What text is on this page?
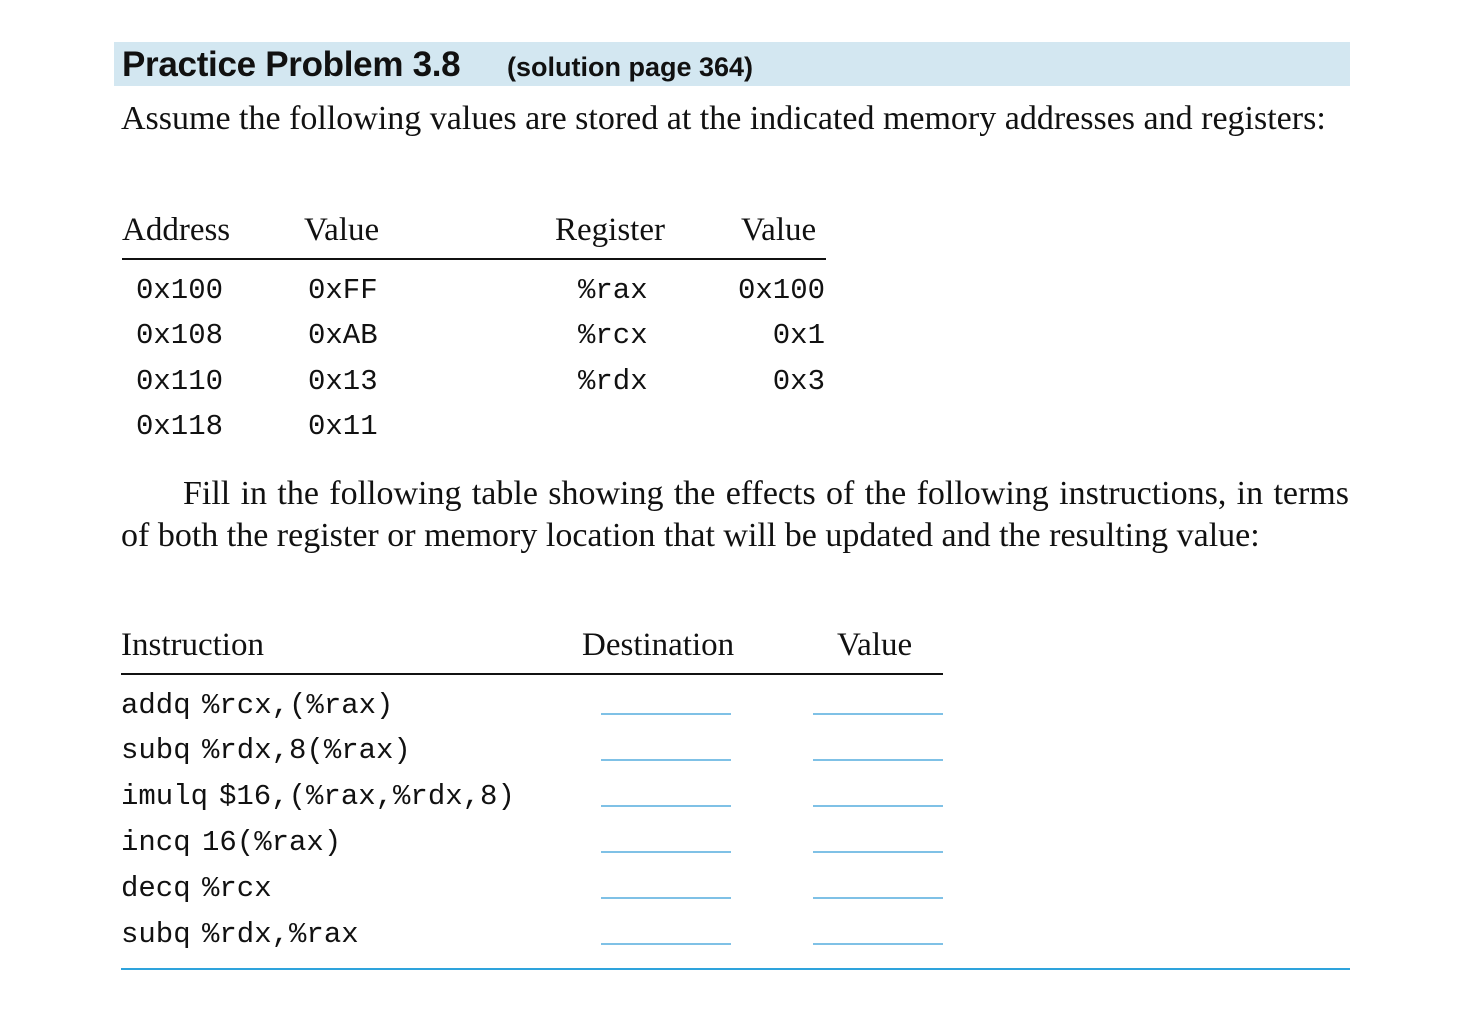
Practice Problem 3.8 (solution page 364)
Assume the following values are stored at the indicated memory addresses and registers:
Address Value	Register Value
0x100	0xFF
0x108	0xAB
0x110	0x13
0x118	0x11
%rax	0x100
%rcx	0x1
%rdx	0x3
Fill in the following table showing the effects of the following instructions, in terms of both the register or memory location that will be updated and the resulting value:
Instruction	Destination	Value
addq %rcx,(%rax)
subq %rdx,8(%rax)
imulq $16,(%rax,%rdx,8)
incq 16(%rax)
decq %rcx
subq %rdx,%rax
